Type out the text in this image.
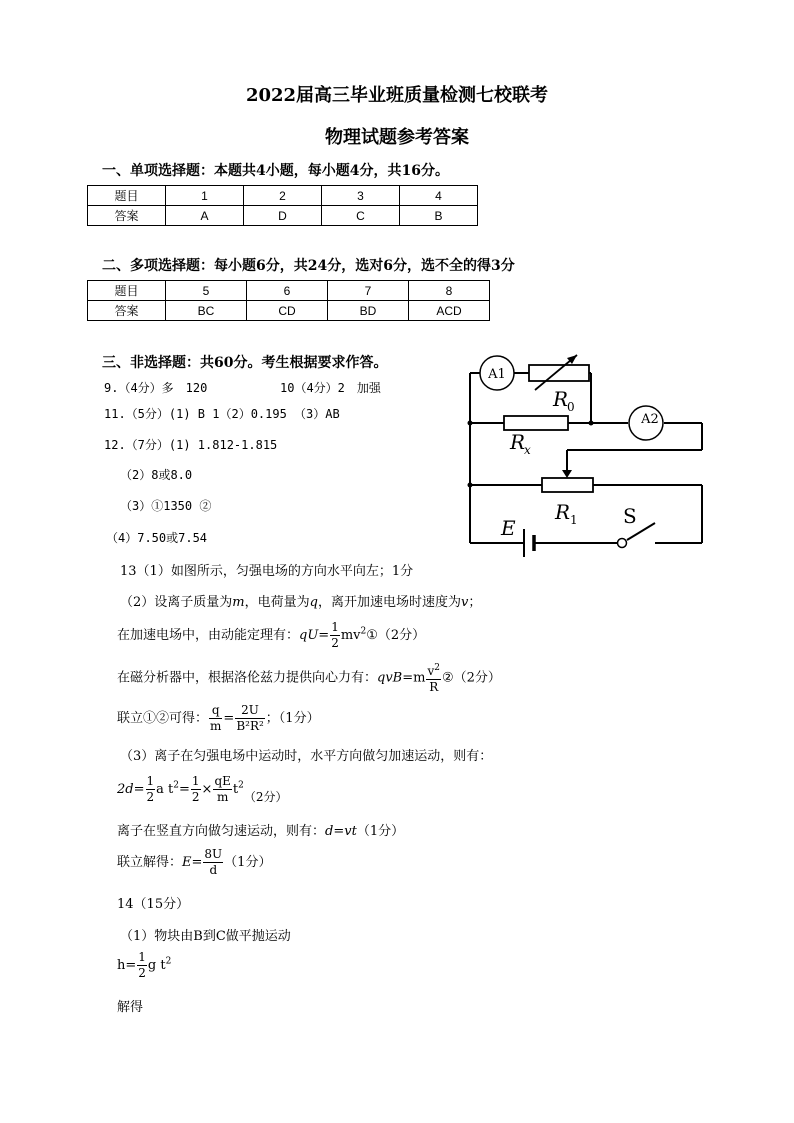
2022届高三毕业班质量检测七校联考
物理试题参考答案
一、单项选择题：本题共4小题，每小题4分，共16分。
题目	1	2	3	4
答案	A	D	C	B
二、多项选择题：每小题6分，共24分，选对6分，选不全的得3分
题目	5	6	7	8
答案	BC	CD	BD	ACD
三、非选择题：共60分。考生根据要求作答。
9.（4分）多　120	10（4分）2　加强
11.（5分）(1) B 1（2）0.195 （3）AB
12.（7分）(1) 1.812-1.815
（2）8或8.0
（3）①1350 ②
（4）7.50或7.54
A1
R
0
R
x
A2
R 1
E	S
13（1）如图所示，匀强电场的方向水平向左；1分
（2）设离子质量为m，电荷量为q，离开加速电场时速度为v；
在加速电场中，由动能定理有：$qU= \frac{1}{2}$ $mv^2①(2$分）
在磁分析器中，根据洛伦兹力提供向心力有：$qvB=m \frac{v^2}{R}$ ②（2分）
联立①②可得： $\frac{q}{m} = \frac{2U}{\text{B²R²}}$ ；（1分）
（3）离子在匀强电场中运动时，水平方向做匀加速运动，则有：
$2d= \frac{1}{2}$ a $t^2= \frac{1}{2} \times \frac{qE}{m} t^2(2$分）
离子在竖直方向做匀速运动，则有：d=vt（1分）
联立解得：$E= \frac{8U}{d} (1$分）
14（15分）
（1）物块由B到C做平抛运动
$h= \frac{1}{2}$ g $t^2$
解得
